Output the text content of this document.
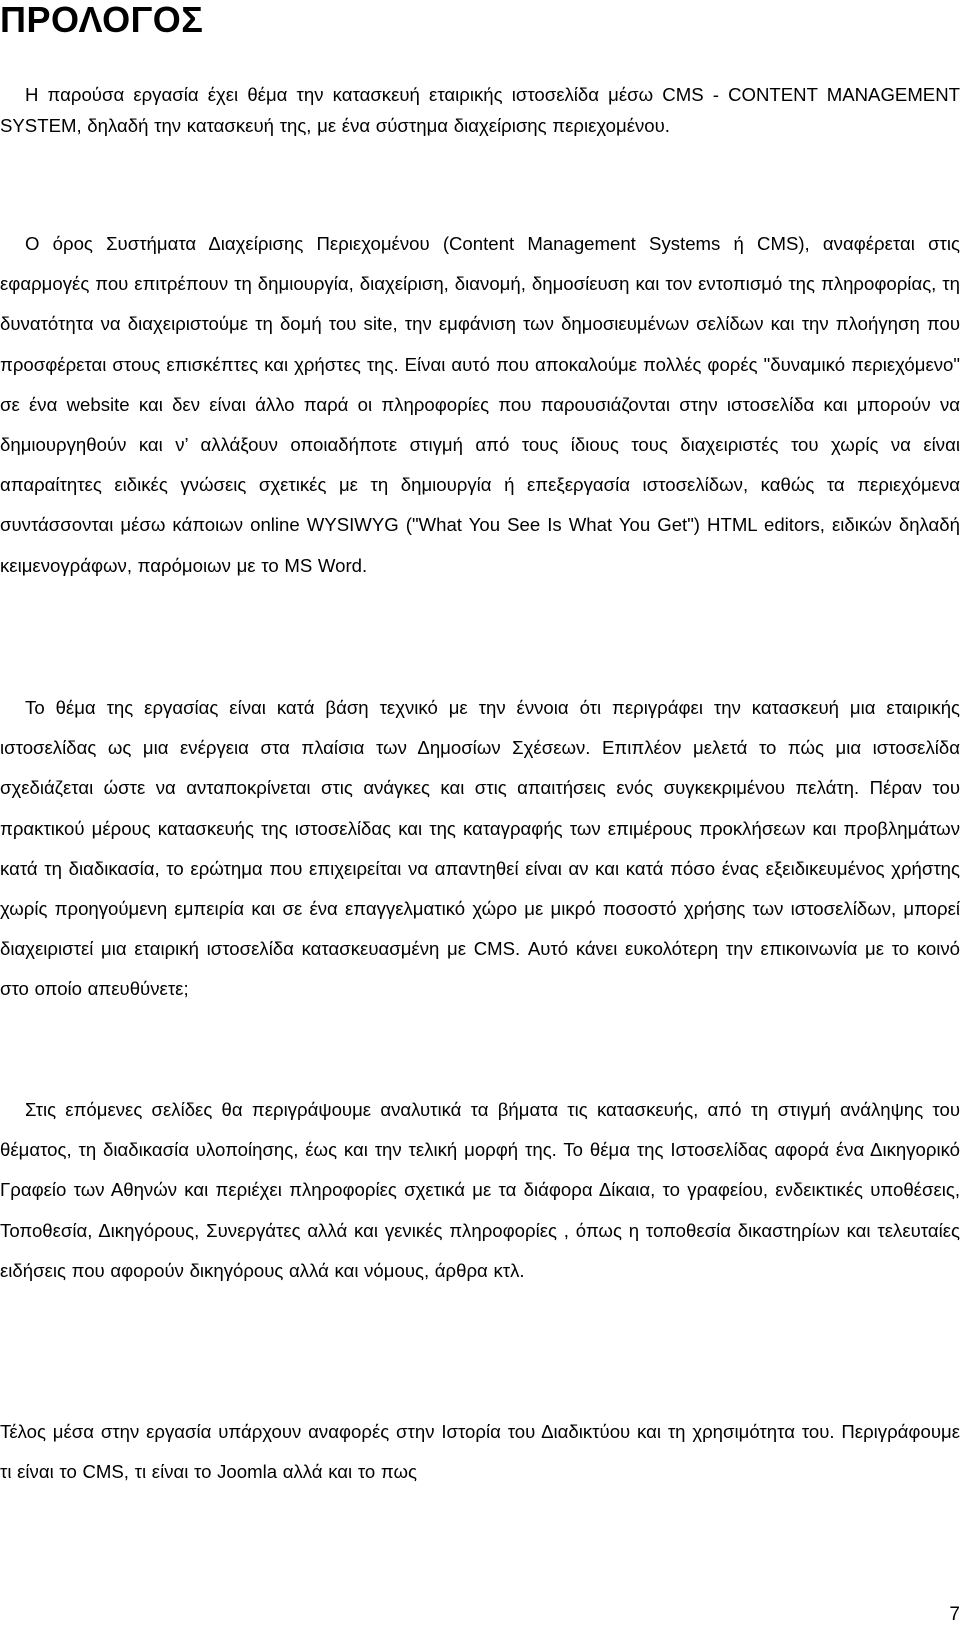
ΠΡΟΛΟΓΟΣ

Η παρούσα εργασία έχει θέμα την κατασκευή εταιρικής ιστοσελίδα μέσω CMS - CONTENT MANAGEMENT SYSTEM, δηλαδή την κατασκευή της, με ένα σύστημα διαχείρισης περιεχομένου.

Ο όρος Συστήματα Διαχείρισης Περιεχομένου (Content Management Systems ή CMS), αναφέρεται στις εφαρμογές που επιτρέπουν τη δημιουργία, διαχείριση, διανομή, δημοσίευση και τον εντοπισμό της πληροφορίας, τη δυνατότητα να διαχειριστούμε τη δομή του site, την εμφάνιση των δημοσιευμένων σελίδων και την πλοήγηση που προσφέρεται στους επισκέπτες και χρήστες της. Είναι αυτό που αποκαλούμε πολλές φορές "δυναμικό περιεχόμενο" σε ένα website και δεν είναι άλλο παρά οι πληροφορίες που παρουσιάζονται στην ιστοσελίδα και μπορούν να δημιουργηθούν και ν’ αλλάξουν οποιαδήποτε στιγμή από τους ίδιους τους διαχειριστές του χωρίς να είναι απαραίτητες ειδικές γνώσεις σχετικές με τη δημιουργία ή επεξεργασία ιστοσελίδων, καθώς τα περιεχόμενα συντάσσονται μέσω κάποιων online WYSIWYG ("What You See Is What You Get") HTML editors, ειδικών δηλαδή κειμενογράφων, παρόμοιων με το MS Word.

Το θέμα της εργασίας είναι κατά βάση τεχνικό με την έννοια ότι περιγράφει την κατασκευή μια εταιρικής ιστοσελίδας ως μια ενέργεια στα πλαίσια των Δημοσίων Σχέσεων. Επιπλέον μελετά το πώς μια ιστοσελίδα σχεδιάζεται ώστε να ανταποκρίνεται στις ανάγκες και στις απαιτήσεις ενός συγκεκριμένου πελάτη. Πέραν του πρακτικού μέρους κατασκευής της ιστοσελίδας και της καταγραφής των επιμέρους προκλήσεων και προβλημάτων κατά τη διαδικασία, το ερώτημα που επιχειρείται να απαντηθεί είναι αν και κατά πόσο ένας εξειδικευμένος χρήστης χωρίς προηγούμενη εμπειρία και σε ένα επαγγελματικό χώρο με μικρό ποσοστό χρήσης των ιστοσελίδων, μπορεί διαχειριστεί μια εταιρική ιστοσελίδα κατασκευασμένη με CMS. Αυτό κάνει ευκολότερη την επικοινωνία με το κοινό στο οποίο απευθύνετε;

Στις επόμενες σελίδες θα περιγράψουμε αναλυτικά τα βήματα τις κατασκευής, από τη στιγμή ανάληψης του θέματος, τη διαδικασία υλοποίησης, έως και την τελική μορφή της. Το θέμα της Ιστοσελίδας αφορά ένα Δικηγορικό Γραφείο των Αθηνών και περιέχει πληροφορίες σχετικά με τα διάφορα Δίκαια, το γραφείου, ενδεικτικές υποθέσεις, Τοποθεσία, Δικηγόρους, Συνεργάτες αλλά και γενικές πληροφορίες , όπως η τοποθεσία δικαστηρίων και τελευταίες ειδήσεις που αφορούν δικηγόρους αλλά και νόμους, άρθρα κτλ.

Τέλος μέσα στην εργασία υπάρχουν αναφορές στην Ιστορία του Διαδικτύου και τη χρησιμότητα του. Περιγράφουμε τι είναι το CMS, τι είναι το Joomla αλλά και το πως

7
